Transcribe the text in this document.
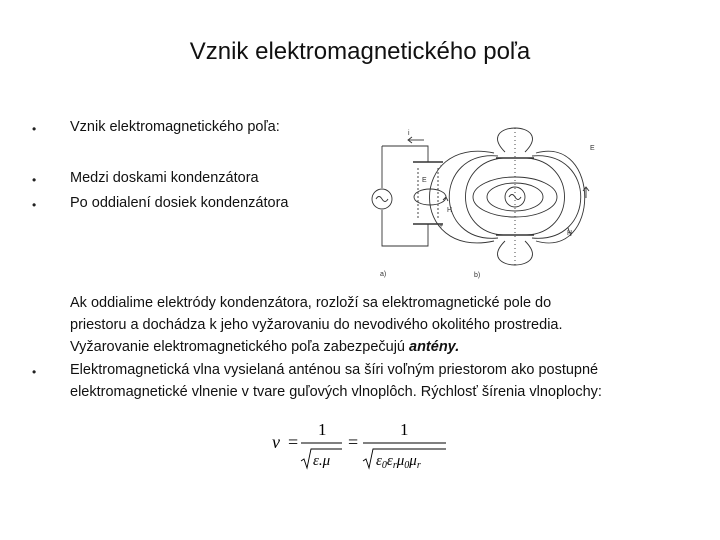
Vznik elektromagnetického poľa
• Vznik elektromagnetického poľa:
• Medzi doskami kondenzátora
• Po oddialení dosiek kondenzátora
Ak oddialime elektródy kondenzátora, rozloží sa elektromagnetické pole do
priestoru a dochádza k jeho vyžarovaniu do nevodivého okolitého prostredia.
Vyžarovanie elektromagnetického poľa zabezpečujú antény.
• Elektromagnetická vlna vysielaná anténou sa šíri voľným priestorom ako postupné
elektromagnetické vlnenie v tvare guľových vlnoplôch. Rýchlosť šírenia vlnoplochy:
i
E
H
+
-
E
H
a)	b)
v =
1
ε.μ
=
1
$\varepsilon_0\varepsilon_r\mu_0\mu_r$
